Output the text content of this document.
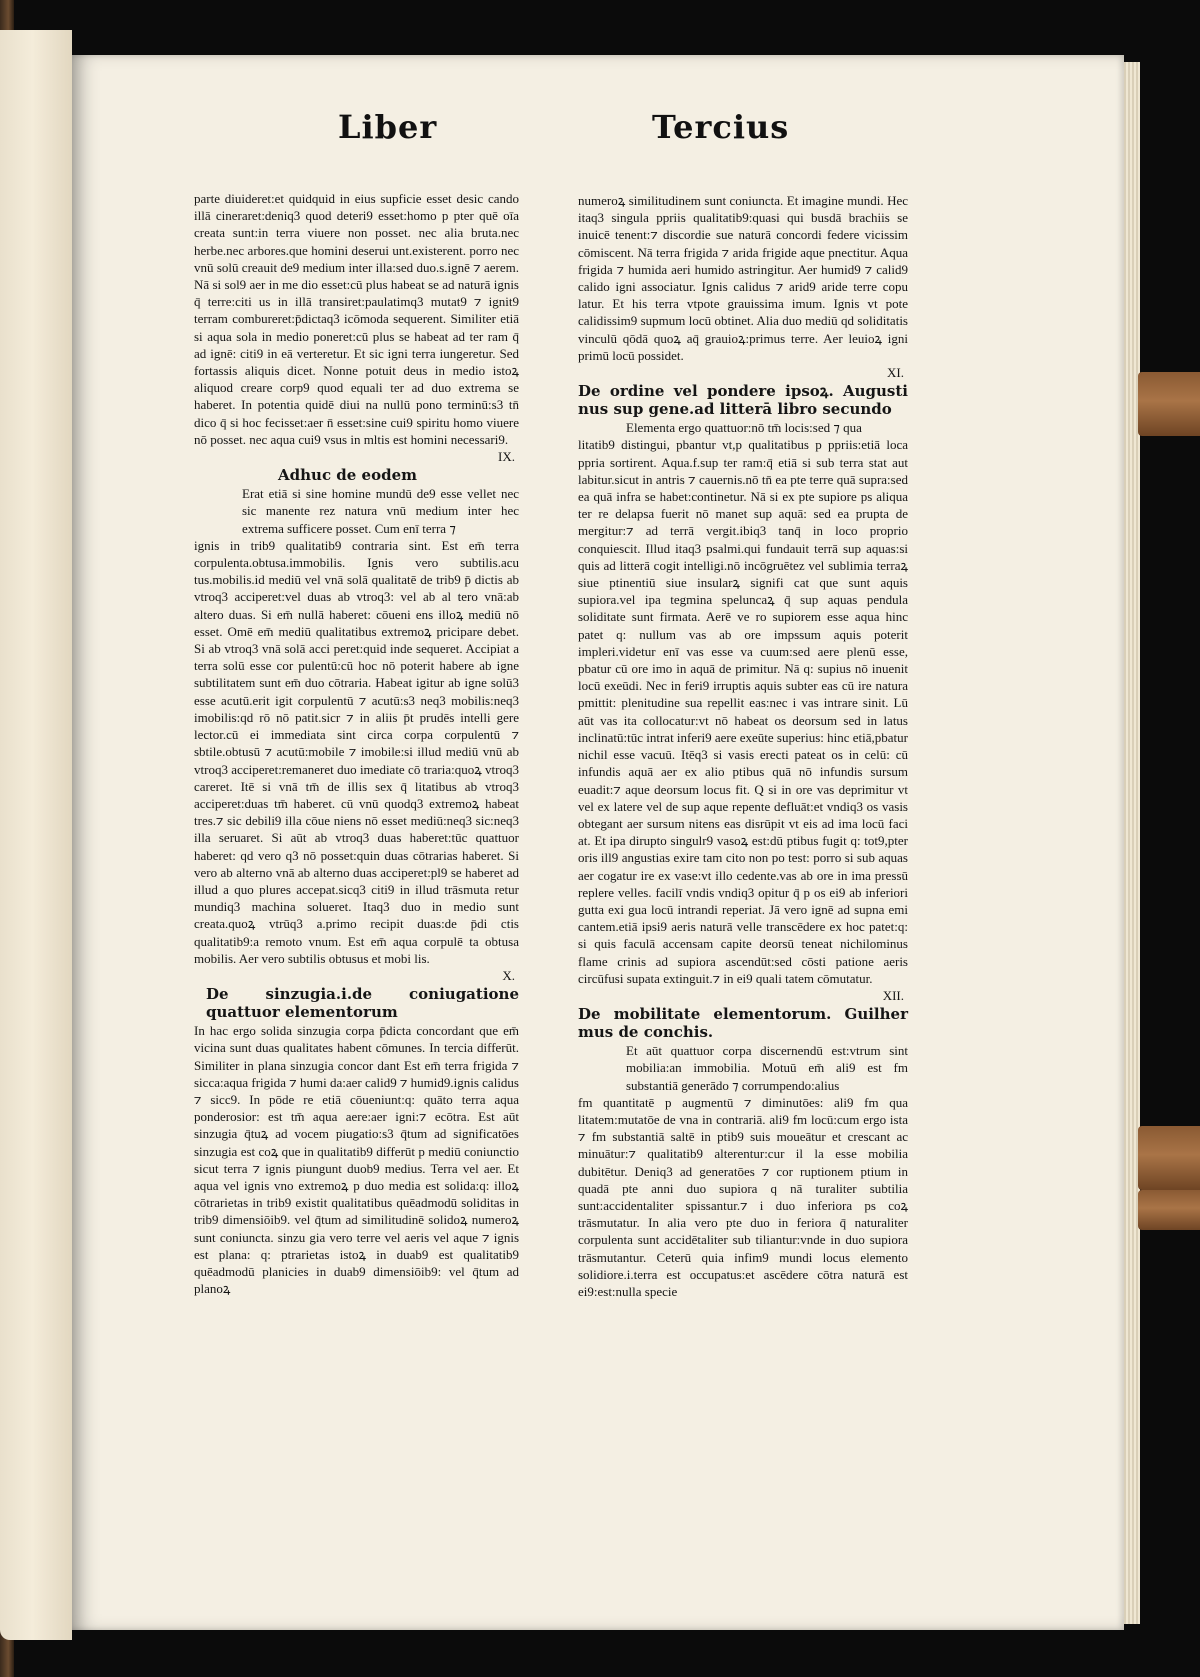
Liber	Tercius

parte diuideret:et quidquid in eius supficie esset desic cando illā cineraret:deniq3 quod deteri9 esset:homo p pter quē oīa creata sunt:in terra viuere non posset. nec alia bruta.nec herbe.nec arbores.que homini deserui unt.existerent. porro nec vnū solū creauit de9 medium inter illa:sed duo.s.ignē ⁊ aerem. Nā si sol9 aer in me dio esset:cū plus habeat se ad naturā ignis q̄ terre:citi us in illā transiret:paulatimq3 mutat9 ⁊ ignit9 terram combureret:p̄dictaq3 icōmoda sequerent. Similiter etiā si aqua sola in medio poneret:cū plus se habeat ad ter ram q̄ ad ignē: citi9 in eā verteretur. Et sic igni terra iungeretur. Sed fortassis aliquis dicet. Nonne potuit deus in medio istoꝝ aliquod creare corp9 quod equali ter ad duo extrema se haberet. In potentia quidē diui na nullū pono terminū:s3 tn̄ dico q̄ si hoc fecisset:aer n̄ esset:sine cui9 spiritu homo viuere nō posset. nec aqua cui9 vsus in mltis est homini necessari9.

IX.

Adhuc de eodem

Erat etiā si sine homine mundū de9 esse vellet nec sic manente rez natura vnū medium inter hec extrema sufficere posset. Cum enī terra ⁊

ignis in trib9 qualitatib9 contraria sint. Est em̄ terra corpulenta.obtusa.immobilis. Ignis vero subtilis.acu tus.mobilis.id mediū vel vnā solā qualitatē de trib9 p̄ dictis ab vtroq3 acciperet:vel duas ab vtroq3: vel ab al tero vnā:ab altero duas. Si em̄ nullā haberet: cōueni ens illoꝝ mediū nō esset. Omē em̄ mediū qualitatibus extremoꝝ pricipare debet. Si ab vtroq3 vnā solā acci peret:quid inde sequeret. Accipiat a terra solū esse cor pulentū:cū hoc nō poterit habere ab igne subtilitatem sunt em̄ duo cōtraria. Habeat igitur ab igne solū3 esse acutū.erit igit corpulentū ⁊ acutū:s3 neq3 mobilis:neq3 imobilis:qd rō nō patit.sicr ⁊ in aliis p̄t prudēs intelli gere lector.cū ei immediata sint circa corpa corpulentū ⁊ sbtile.obtusū ⁊ acutū:mobile ⁊ imobile:si illud mediū vnū ab vtroq3 acciperet:remaneret duo imediate cō traria:quoꝝ vtroq3 careret. Itē si vnā tm̄ de illis sex q̄ litatibus ab vtroq3 acciperet:duas tm̄ haberet. cū vnū quodq3 extremoꝝ habeat tres.⁊ sic debili9 illa cōue niens nō esset mediū:neq3 sic:neq3 illa seruaret. Si aūt ab vtroq3 duas haberet:tūc quattuor haberet: qd vero q3 nō posset:quin duas cōtrarias haberet. Si vero ab alterno vnā ab alterno duas acciperet:pl9 se haberet ad illud a quo plures accepat.sicq3 citi9 in illud trāsmuta retur mundiq3 machina solueret. Itaq3 duo in medio sunt creata.quoꝝ vtrūq3 a.primo recipit duas:de p̄di ctis qualitatib9:a remoto vnum. Est em̄ aqua corpulē ta obtusa mobilis. Aer vero subtilis obtusus et mobi lis.

X.

De sinzugia.i.de coniugatione quattuor elementorum

In hac ergo solida sinzugia corpa p̄dicta concordant que em̄ vicina sunt duas qualitates habent cōmunes. In tercia differūt. Similiter in plana sinzugia concor dant Est em̄ terra frigida ⁊ sicca:aqua frigida ⁊ humi da:aer calid9 ⁊ humid9.ignis calidus ⁊ sicc9. In pōde re etiā cōueniunt:q: quāto terra aqua ponderosior: est tm̄ aqua aere:aer igni:⁊ ecōtra. Est aūt sinzugia q̄tuꝝ ad vocem piugatio:s3 q̄tum ad significatōes sinzugia est coꝝ que in qualitatib9 differūt p mediū coniunctio sicut terra ⁊ ignis piungunt duob9 medius. Terra vel aer. Et aqua vel ignis vno extremoꝝ p duo media est solida:q: illoꝝ cōtrarietas in trib9 existit qualitatibus quēadmodū soliditas in trib9 dimensiōib9. vel q̄tum ad similitudinē solidoꝝ numeroꝝ sunt coniuncta. sinzu gia vero terre vel aeris vel aque ⁊ ignis est plana: q: ptrarietas istoꝝ in duab9 est qualitatib9 quēadmodū planicies in duab9 dimensiōib9: vel q̄tum ad planoꝝ

numeroꝝ similitudinem sunt coniuncta. Et imagine mundi. Hec itaq3 singula ppriis qualitatib9:quasi qui busdā brachiis se inuicē tenent:⁊ discordie sue naturā concordi federe vicissim cōmiscent. Nā terra frigida ⁊ arida frigide aque pnectitur. Aqua frigida ⁊ humida aeri humido astringitur. Aer humid9 ⁊ calid9 calido igni associatur. Ignis calidus ⁊ arid9 aride terre copu latur. Et his terra vtpote grauissima imum. Ignis vt pote calidissim9 supmum locū obtinet. Alia duo mediū qd soliditatis vinculū qōdā quoꝝ aq̄ grauioꝝ:primus terre. Aer leuioꝝ igni primū locū possidet.

XI.

De ordine vel pondere ipsoꝝ. Augusti nus sup gene.ad litterā libro secundo

Elementa ergo quattuor:nō tm̄ locis:sed ⁊ qua

litatib9 distingui, pbantur vt,p qualitatibus p ppriis:etiā loca ppria sortirent. Aqua.f.sup ter ram:q̄ etiā si sub terra stat aut labitur.sicut in antris ⁊ cauernis.nō tn̄ ea pte terre quā supra:sed ea quā infra se habet:continetur. Nā si ex pte supiore ps aliqua ter re delapsa fuerit nō manet sup aquā: sed ea prupta de mergitur:⁊ ad terrā vergit.ibiq3 tanq̄ in loco proprio conquiescit. Illud itaq3 psalmi.qui fundauit terrā sup aquas:si quis ad litterā cogit intelligi.nō incōgruētez vel sublimia terraꝝ siue ptinentiū siue insularꝝ signifi cat que sunt aquis supiora.vel ipa tegmina speluncaꝝ q̄ sup aquas pendula soliditate sunt firmata. Aerē ve ro supiorem esse aqua hinc patet q: nullum vas ab ore impssum aquis poterit impleri.videtur enī vas esse va cuum:sed aere plenū esse, pbatur cū ore imo in aquā de primitur. Nā q: supius nō inuenit locū exeūdi. Nec in feri9 irruptis aquis subter eas cū ire natura pmittit: plenitudine sua repellit eas:nec i vas intrare sinit. Lū aūt vas ita collocatur:vt nō habeat os deorsum sed in latus inclinatū:tūc intrat inferi9 aere exeūte superius: hinc etiā,pbatur nichil esse vacuū. Itēq3 si vasis erecti pateat os in celū: cū infundis aquā aer ex alio ptibus quā nō infundis sursum euadit:⁊ aque deorsum locus fit. Q si in ore vas deprimitur vt vel ex latere vel de sup aque repente defluāt:et vndiq3 os vasis obtegant aer sursum nitens eas disrūpit vt eis ad ima locū faci at. Et ipa dirupto singulr9 vasoꝝ est:dū ptibus fugit q: tot9,pter oris ill9 angustias exire tam cito non po test: porro si sub aquas aer cogatur ire ex vase:vt illo cedente.vas ab ore in ima pressū replere velles. facilī vndis vndiq3 opitur q̄ p os ei9 ab inferiori gutta exi gua locū intrandi reperiat. Jā vero ignē ad supna emi cantem.etiā ipsi9 aeris naturā velle transcēdere ex hoc patet:q: si quis faculā accensam capite deorsū teneat nichilominus flame crinis ad supiora ascendūt:sed cōsti patione aeris circūfusi supata extinguit.⁊ in ei9 quali tatem cōmutatur.

XII.

De mobilitate elementorum. Guilher mus de conchis.

Et aūt quattuor corpa discernendū est:vtrum sint mobilia:an immobilia. Motuū em̄ ali9 est fm substantiā generādo ⁊ corrumpendo:alius

fm quantitatē p augmentū ⁊ diminutōes: ali9 fm qua litatem:mutatōe de vna in contrariā. ali9 fm locū:cum ergo ista ⁊ fm substantiā saltē in ptib9 suis moueātur et crescant ac minuātur:⁊ qualitatib9 alterentur:cur il la esse mobilia dubitētur. Deniq3 ad generatōes ⁊ cor ruptionem ptium in quadā pte anni duo supiora q nā turaliter subtilia sunt:accidentaliter spissantur.⁊ i duo inferiora ps coꝝ trāsmutatur. In alia vero pte duo in feriora q̄ naturaliter corpulenta sunt accidētaliter sub tiliantur:vnde in duo supiora trāsmutantur. Ceterū quia infim9 mundi locus elemento solidiore.i.terra est occupatus:et ascēdere cōtra naturā est ei9:est:nulla specie
